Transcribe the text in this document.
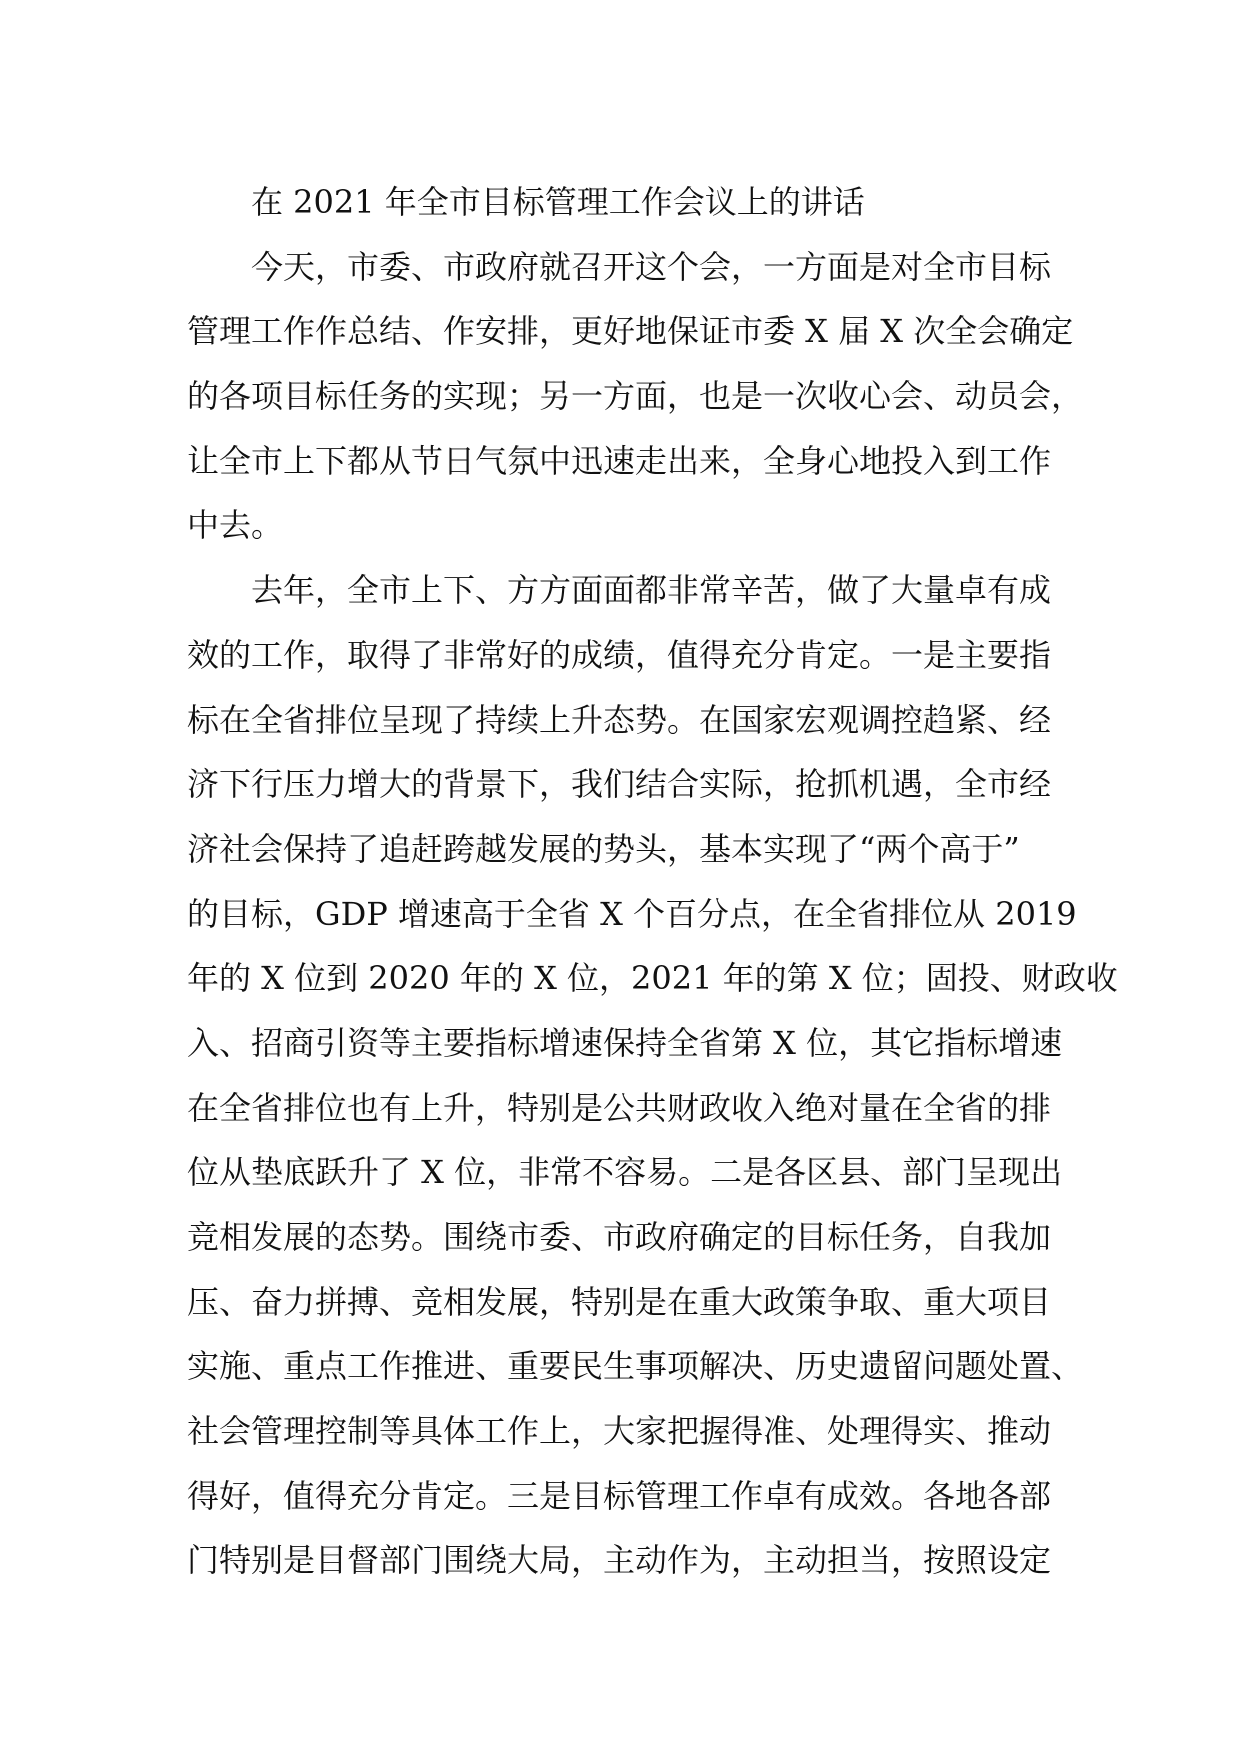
在 2021 年全市目标管理工作会议上的讲话
今天，市委、市政府就召开这个会，一方面是对全市目标
管理工作作总结、作安排，更好地保证市委 X 届 X 次全会确定
的各项目标任务的实现；另一方面，也是一次收心会、动员会，
让全市上下都从节日气氛中迅速走出来，全身心地投入到工作
中去。
去年，全市上下、方方面面都非常辛苦，做了大量卓有成
效的工作，取得了非常好的成绩，值得充分肯定。一是主要指
标在全省排位呈现了持续上升态势。在国家宏观调控趋紧、经
济下行压力增大的背景下，我们结合实际，抢抓机遇，全市经
济社会保持了追赶跨越发展的势头，基本实现了“两个高于”
的目标，GDP 增速高于全省 X 个百分点，在全省排位从 2019
年的 X 位到 2020 年的 X 位，2021 年的第 X 位；固投、财政收
入、招商引资等主要指标增速保持全省第 X 位，其它指标增速
在全省排位也有上升，特别是公共财政收入绝对量在全省的排
位从垫底跃升了 X 位，非常不容易。二是各区县、部门呈现出
竞相发展的态势。围绕市委、市政府确定的目标任务，自我加
压、奋力拼搏、竞相发展，特别是在重大政策争取、重大项目
实施、重点工作推进、重要民生事项解决、历史遗留问题处置、
社会管理控制等具体工作上，大家把握得准、处理得实、推动
得好，值得充分肯定。三是目标管理工作卓有成效。各地各部
门特别是目督部门围绕大局，主动作为，主动担当，按照设定
